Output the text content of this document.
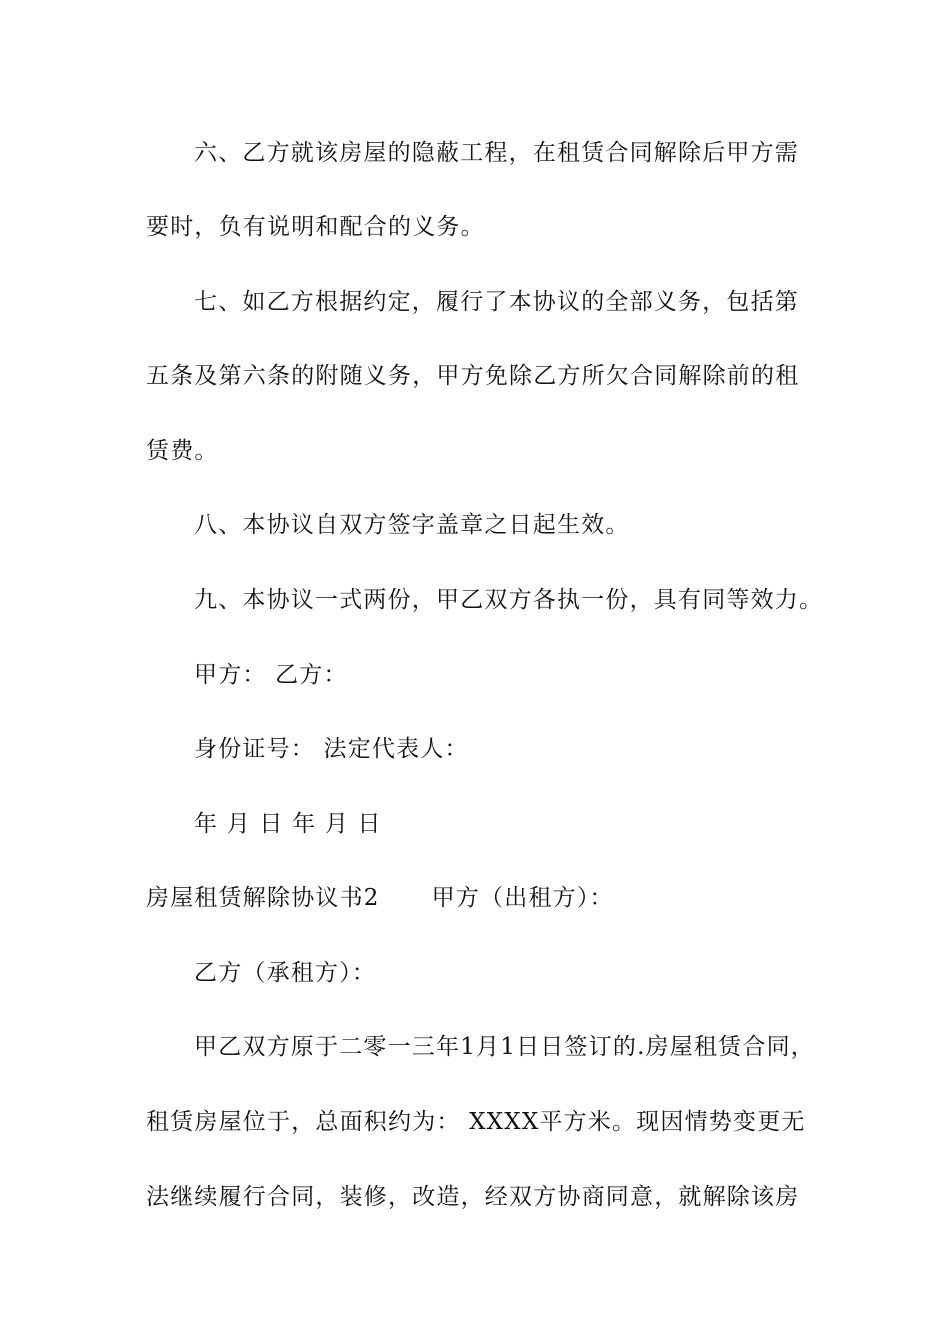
六、乙方就该房屋的隐蔽工程，在租赁合同解除后甲方需
要时，负有说明和配合的义务。
七、如乙方根据约定，履行了本协议的全部义务，包括第
五条及第六条的附随义务，甲方免除乙方所欠合同解除前的租
赁费。
八、本协议自双方签字盖章之日起生效。
九、本协议一式两份，甲乙双方各执一份，具有同等效力。
甲方： 乙方：
身份证号： 法定代表人：
年 月 日 年 月 日
房屋租赁解除协议书2 甲方（出租方）：
乙方（承租方）：
甲乙双方原于二零一三年1月1日日签订的.房屋租赁合同，
租赁房屋位于，总面积约为： XXXX平方米。现因情势变更无
法继续履行合同，装修，改造，经双方协商同意，就解除该房
